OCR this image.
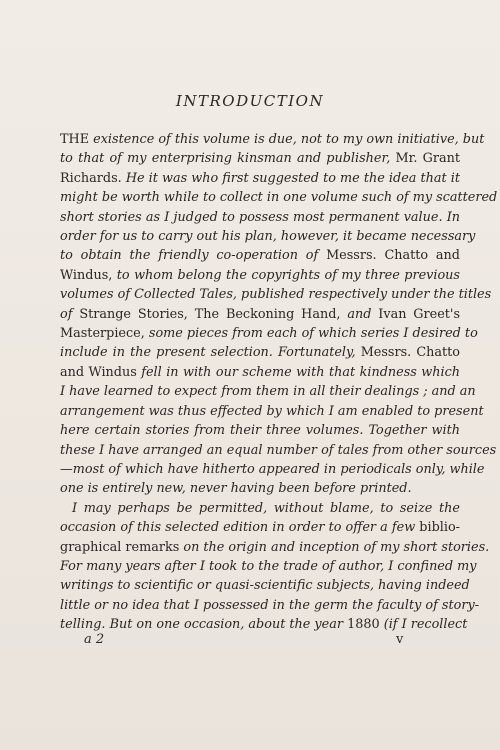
INTRODUCTION
THE existence of this volume is due, not to my own initiative, but
to that of my enterprising kinsman and publisher, Mr. Grant
Richards. He it was who first suggested to me the idea that it
might be worth while to collect in one volume such of my scattered
short stories as I judged to possess most permanent value. In
order for us to carry out his plan, however, it became necessary
to obtain the friendly co-operation of Messrs. Chatto and
Windus, to whom belong the copyrights of my three previous
volumes of Collected Tales, published respectively under the titles
of Strange Stories, The Beckoning Hand, and Ivan Greet's
Masterpiece, some pieces from each of which series I desired to
include in the present selection. Fortunately, Messrs. Chatto
and Windus fell in with our scheme with that kindness which
I have learned to expect from them in all their dealings ; and an
arrangement was thus effected by which I am enabled to present
here certain stories from their three volumes. Together with
these I have arranged an equal number of tales from other sources
—most of which have hitherto appeared in periodicals only, while
one is entirely new, never having been before printed.
I may perhaps be permitted, without blame, to seize the
occasion of this selected edition in order to offer a few biblio-
graphical remarks on the origin and inception of my short stories.
For many years after I took to the trade of author, I confined my
writings to scientific or quasi-scientific subjects, having indeed
little or no idea that I possessed in the germ the faculty of story-
telling. But on one occasion, about the year 1880 (if I recollect
a 2	v
